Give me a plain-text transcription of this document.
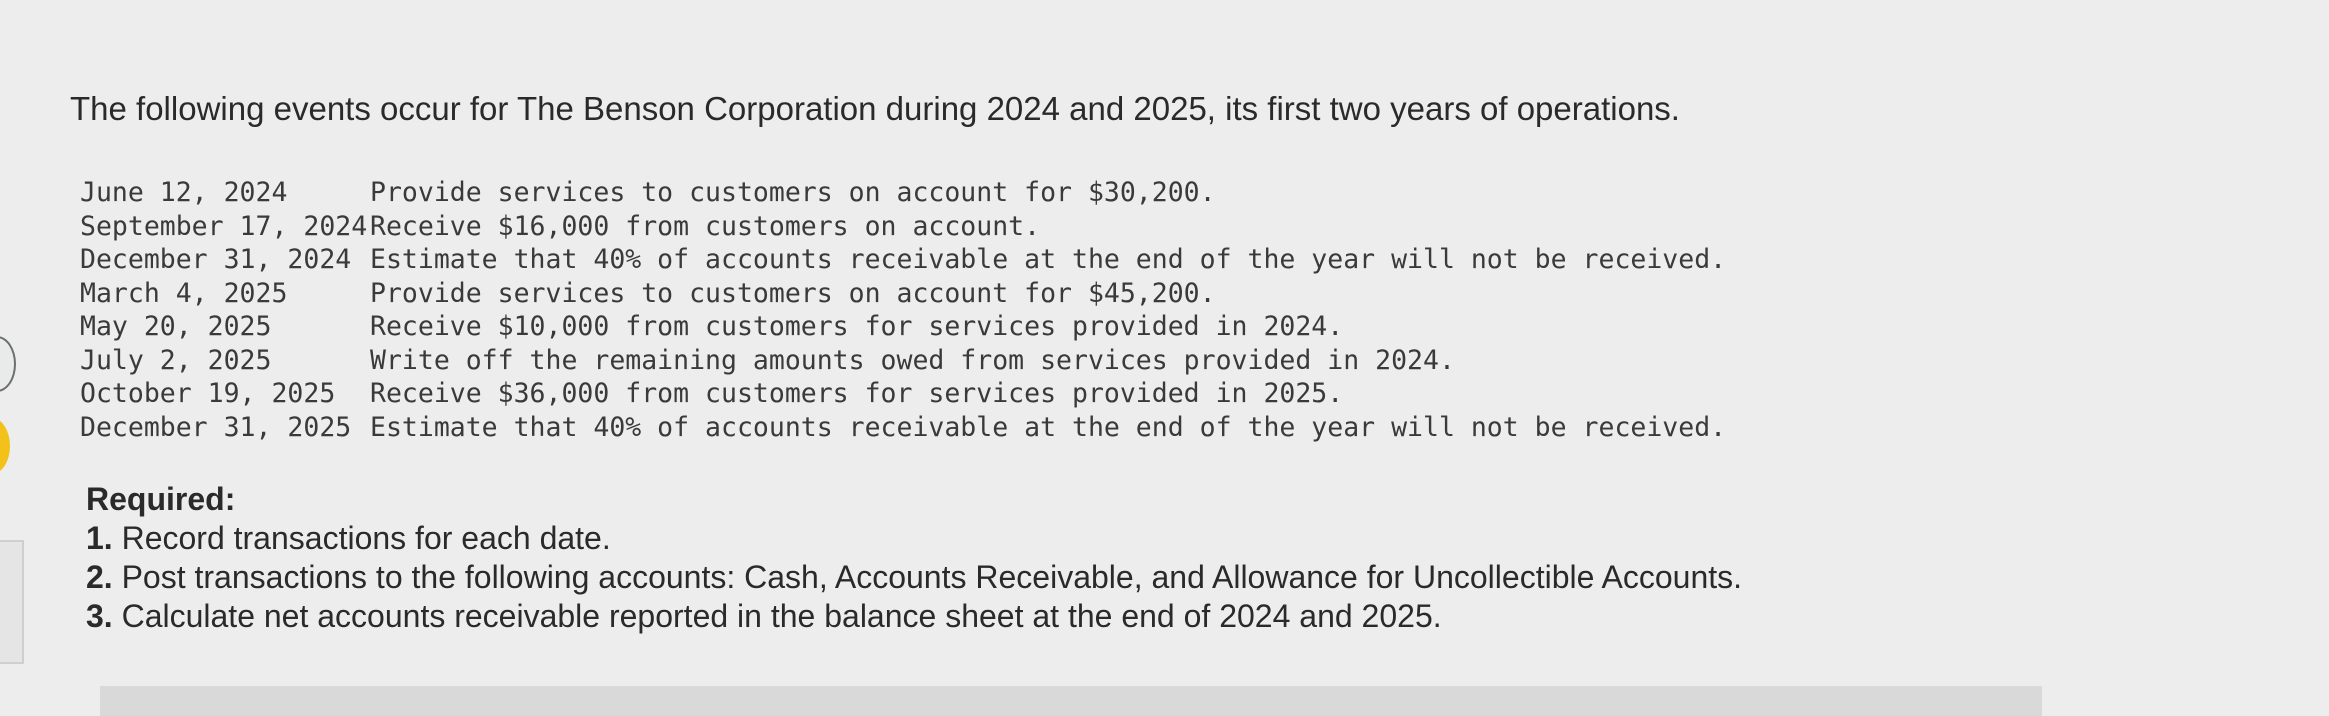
The following events occur for The Benson Corporation during 2024 and 2025, its first two years of operations.

June 12, 2024	Provide services to customers on account for $30,200.
September 17, 2024 Receive $16,000 from customers on account.
December 31, 2024 Estimate that 40% of accounts receivable at the end of the year will not be received.
March 4, 2025	Provide services to customers on account for $45,200.
May 20, 2025	Receive $10,000 from customers for services provided in 2024.
July 2, 2025	Write off the remaining amounts owed from services provided in 2024.
October 19, 2025	Receive $36,000 from customers for services provided in 2025.
December 31, 2025 Estimate that 40% of accounts receivable at the end of the year will not be received.
Required:
1. Record transactions for each date.
2. Post transactions to the following accounts: Cash, Accounts Receivable, and Allowance for Uncollectible Accounts.
3. Calculate net accounts receivable reported in the balance sheet at the end of 2024 and 2025.
